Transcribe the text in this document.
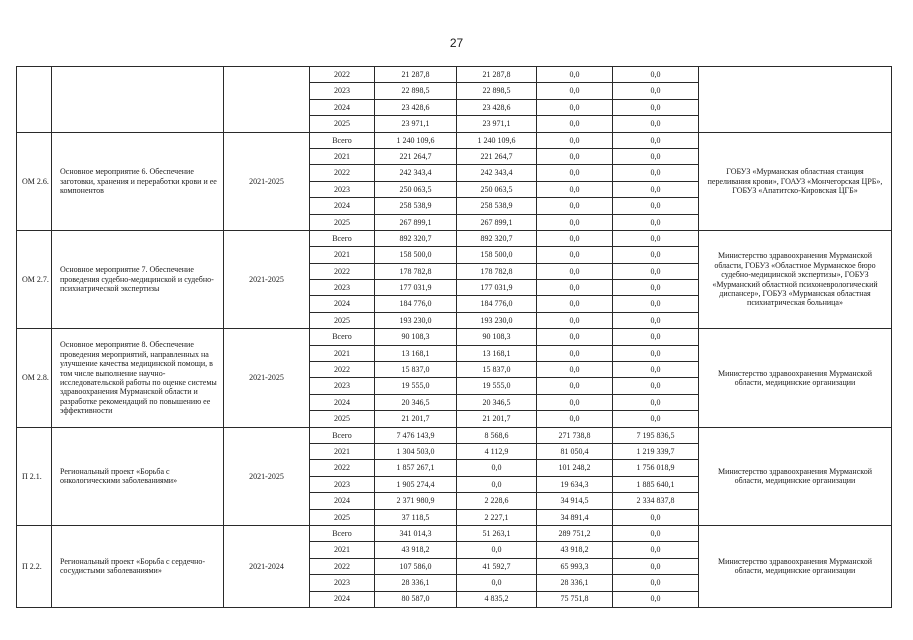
27
			2022	21 287,8	21 287,8	0,0	0,0	
			2023	22 898,5	22 898,5	0,0	0,0	
			2024	23 428,6	23 428,6	0,0	0,0	
			2025	23 971,1	23 971,1	0,0	0,0	
ОМ 2.6.	Основное мероприятие 6. Обеспечение заготовки, хранения и переработки крови и ее компонентов	2021-2025	Всего	1 240 109,6	1 240 109,6	0,0	0,0	ГОБУЗ «Мурманская областная станция переливания крови», ГОАУЗ «Мончегорская ЦРБ», ГОБУЗ «Апатитско-Кировская ЦГБ»
			2021	221 264,7	221 264,7	0,0	0,0	
			2022	242 343,4	242 343,4	0,0	0,0	
			2023	250 063,5	250 063,5	0,0	0,0	
			2024	258 538,9	258 538,9	0,0	0,0	
			2025	267 899,1	267 899,1	0,0	0,0	
ОМ 2.7.	Основное мероприятие 7. Обеспечение проведения судебно-медицинской и судебно-психиатрической экспертизы	2021-2025	Всего	892 320,7	892 320,7	0,0	0,0	Министерство здравоохранения Мурманской области, ГОБУЗ «Областное Мурманское бюро судебно-медицинской экспертизы», ГОБУЗ «Мурманский областной психоневрологический диспансер», ГОБУЗ «Мурманская областная психиатрическая больница»
			2021	158 500,0	158 500,0	0,0	0,0	
			2022	178 782,8	178 782,8	0,0	0,0	
			2023	177 031,9	177 031,9	0,0	0,0	
			2024	184 776,0	184 776,0	0,0	0,0	
			2025	193 230,0	193 230,0	0,0	0,0	
ОМ 2.8.	Основное мероприятие 8. Обеспечение проведения мероприятий, направленных на улучшение качества медицинской помощи, в том числе выполнение научно-исследовательской работы по оценке системы здравоохранения Мурманской области и разработке рекомендаций по повышению ее эффективности	2021-2025	Всего	90 108,3	90 108,3	0,0	0,0	Министерство здравоохранения Мурманской области, медицинские организации
			2021	13 168,1	13 168,1	0,0	0,0	
			2022	15 837,0	15 837,0	0,0	0,0	
			2023	19 555,0	19 555,0	0,0	0,0	
			2024	20 346,5	20 346,5	0,0	0,0	
			2025	21 201,7	21 201,7	0,0	0,0	
П 2.1.	Региональный проект «Борьба с онкологическими заболеваниями»	2021-2025	Всего	7 476 143,9	8 568,6	271 738,8	7 195 836,5	Министерство здравоохранения Мурманской области, медицинские организации
			2021	1 304 503,0	4 112,9	81 050,4	1 219 339,7	
			2022	1 857 267,1	0,0	101 248,2	1 756 018,9	
			2023	1 905 274,4	0,0	19 634,3	1 885 640,1	
			2024	2 371 980,9	2 228,6	34 914,5	2 334 837,8	
			2025	37 118,5	2 227,1	34 891,4	0,0	
П 2.2.	Региональный проект «Борьба с сердечно-сосудистыми заболеваниями»	2021-2024	Всего	341 014,3	51 263,1	289 751,2	0,0	Министерство здравоохранения Мурманской области, медицинские организации
			2021	43 918,2	0,0	43 918,2	0,0	
			2022	107 586,0	41 592,7	65 993,3	0,0	
			2023	28 336,1	0,0	28 336,1	0,0	
			2024	80 587,0	4 835,2	75 751,8	0,0	
